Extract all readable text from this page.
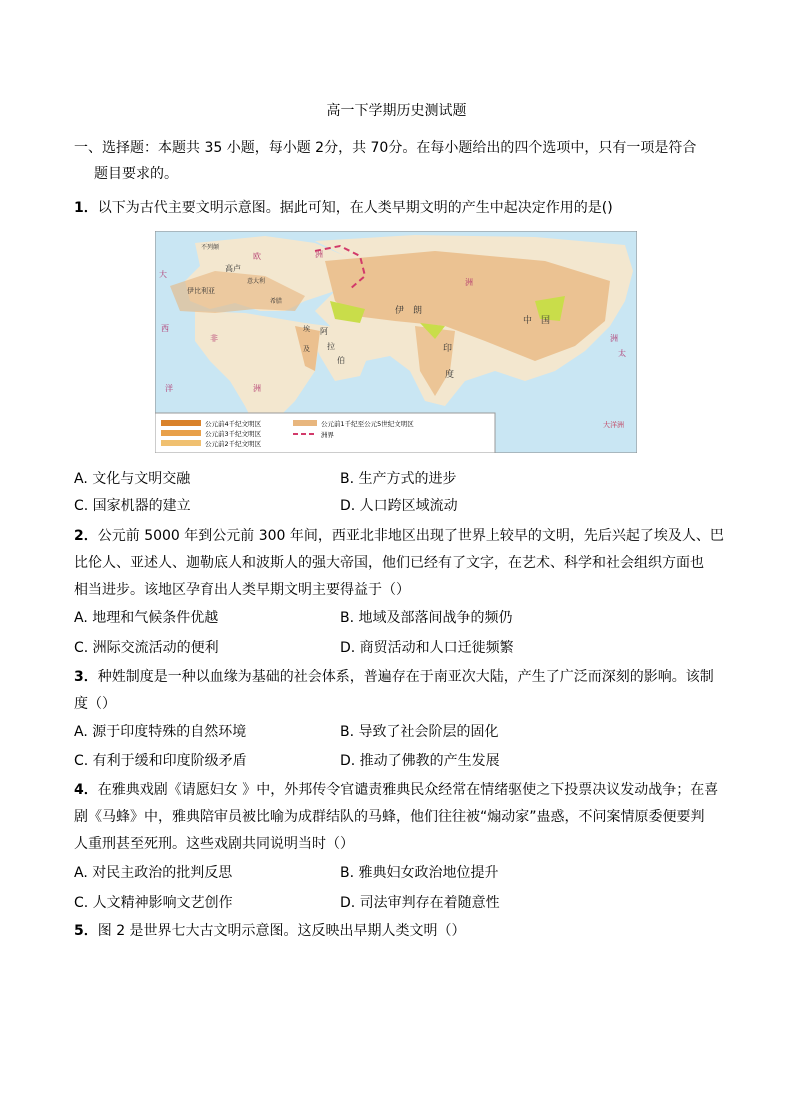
高一下学期历史测试题
一、选择题：本题共 35 小题，每小题 2分，共 70分。在每小题给出的四个选项中，只有一项是符合
题目要求的。
1．以下为古代主要文明示意图。据此可知，在人类早期文明的产生中起决定作用的是()
公元前4千纪文明区
公元前3千纪文明区
公元前2千纪文明区
公元前1千纪至公元5世纪文明区
洲界
欧	洲
不列颠
高卢
意大利
伊比利亚
希腊
伊　朗
中　国
印
度
非
洲
埃
及
阿
拉
伯
大
西
洋
太
洲
洲
大洋洲
A. 文化与文明交融	B. 生产方式的进步
C. 国家机器的建立	D. 人口跨区域流动
2．公元前 5000 年到公元前 300 年间，西亚北非地区出现了世界上较早的文明，先后兴起了埃及人、巴
比伦人、亚述人、迦勒底人和波斯人的强大帝国，他们已经有了文字，在艺术、科学和社会组织方面也
相当进步。该地区孕育出人类早期文明主要得益于（）
A. 地理和气候条件优越	B. 地域及部落间战争的频仍
C. 洲际交流活动的便利	D. 商贸活动和人口迁徙频繁
3．种姓制度是一种以血缘为基础的社会体系，普遍存在于南亚次大陆，产生了广泛而深刻的影响。该制
度（）
A. 源于印度特殊的自然环境	B. 导致了社会阶层的固化
C. 有利于缓和印度阶级矛盾	D. 推动了佛教的产生发展
4．在雅典戏剧《请愿妇女 》中，外邦传令官谴责雅典民众经常在情绪驱使之下投票决议发动战争；在喜
剧《马蜂》中，雅典陪审员被比喻为成群结队的马蜂，他们往往被“煽动家”蛊惑，不问案情原委便要判
人重刑甚至死刑。这些戏剧共同说明当时（）
A. 对民主政治的批判反思	B. 雅典妇女政治地位提升
C. 人文精神影响文艺创作	D. 司法审判存在着随意性
5．图 2 是世界七大古文明示意图。这反映出早期人类文明（）
